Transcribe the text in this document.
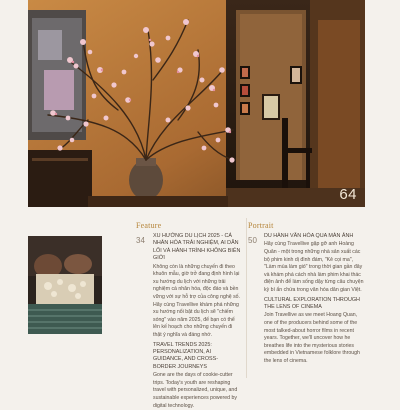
64
Feature
34 XU HƯỚNG DU LỊCH 2025 - CÁ NHÂN HÓA TRẢI NGHIỆM, AI DẪN LỐI VÀ HÀNH TRÌNH KHÔNG BIÊN GIỚI
Không còn là những chuyến đi theo khuôn mẫu, giờ trở đang định hình lại xu hướng du lịch với những trải nghiệm cá nhân hóa, độc đáo và bền vững với sự hỗ trợ của công nghệ số. Hãy cùng Travellive khám phá những xu hướng nổi bật du lịch sẽ "chiếm sóng" vào năm 2025, để bạn có thể lên kế hoạch cho những chuyến đi thật ý nghĩa và đáng nhớ.
TRAVEL TRENDS 2025: PERSONALIZATION, AI GUIDANCE, AND CROSS-BORDER JOURNEYS
Gone are the days of cookie-cutter trips. Today's youth are reshaping travel with personalized, unique, and sustainable experiences powered by digital technology.
Portrait
50 DU HÀNH VĂN HÓA QUA MÀN ẢNH
Hãy cùng Travellive gặp gỡ anh Hoàng Quân - một trong những nhà sản xuất các bộ phim kinh dị đình đám, "Kẻ cọi ma", "Làm mùa làm gió" trong thời gian gần đây và khám phá cách nhà làm phim khai thác điện ảnh để làm sống dậy từng câu chuyện kỳ bí ẩn chứa trong văn hóa dân gian Việt.
CULTURAL EXPLORATION THROUGH THE LENS OF CINEMA
Join Travellive as we meet Hoang Quan, one of the producers behind some of the most talked-about horror films in recent years. Together, we'll uncover how he breathes life into the mysterious stories embedded in Vietnamese folklore through the lens of cinema.
